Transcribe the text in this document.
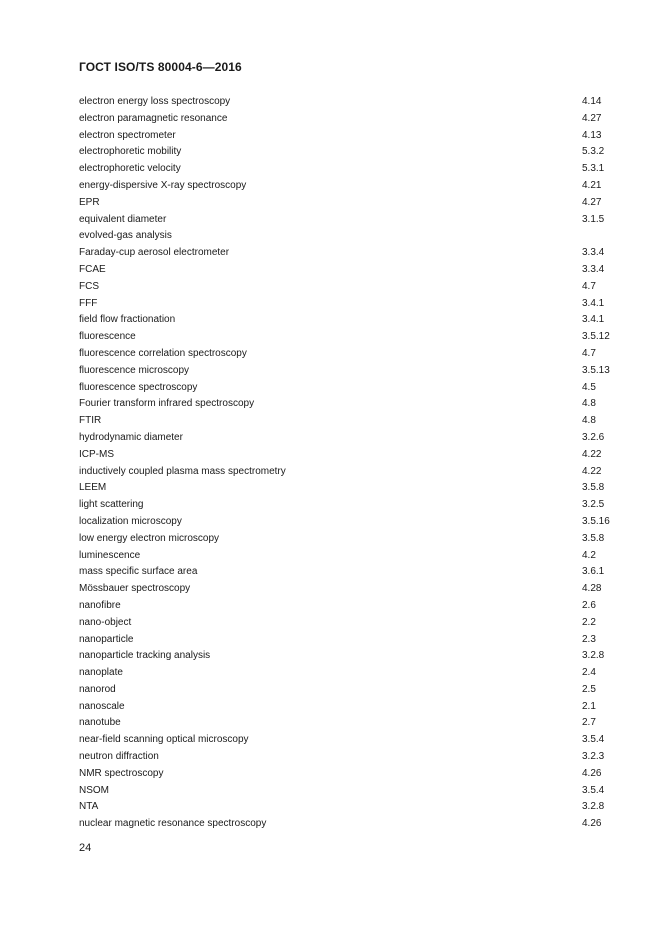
ГОСТ ISO/TS 80004-6—2016
electron energy loss spectroscopy	4.14
electron paramagnetic resonance	4.27
electron spectrometer	4.13
electrophoretic mobility	5.3.2
electrophoretic velocity	5.3.1
energy-dispersive X-ray spectroscopy	4.21
EPR	4.27
equivalent diameter	3.1.5
evolved-gas analysis
Faraday-cup aerosol electrometer	3.3.4
FCAE	3.3.4
FCS	4.7
FFF	3.4.1
field flow fractionation	3.4.1
fluorescence	3.5.12
fluorescence correlation spectroscopy	4.7
fluorescence microscopy	3.5.13
fluorescence spectroscopy	4.5
Fourier transform infrared spectroscopy	4.8
FTIR	4.8
hydrodynamic diameter	3.2.6
ICP-MS	4.22
inductively coupled plasma mass spectrometry	4.22
LEEM	3.5.8
light scattering	3.2.5
localization microscopy	3.5.16
low energy electron microscopy	3.5.8
luminescence	4.2
mass specific surface area	3.6.1
Mössbauer spectroscopy	4.28
nanofibre	2.6
nano-object	2.2
nanoparticle	2.3
nanoparticle tracking analysis	3.2.8
nanoplate	2.4
nanorod	2.5
nanoscale	2.1
nanotube	2.7
near-field scanning optical microscopy	3.5.4
neutron diffraction	3.2.3
NMR spectroscopy	4.26
NSOM	3.5.4
NTA	3.2.8
nuclear magnetic resonance spectroscopy	4.26
24
